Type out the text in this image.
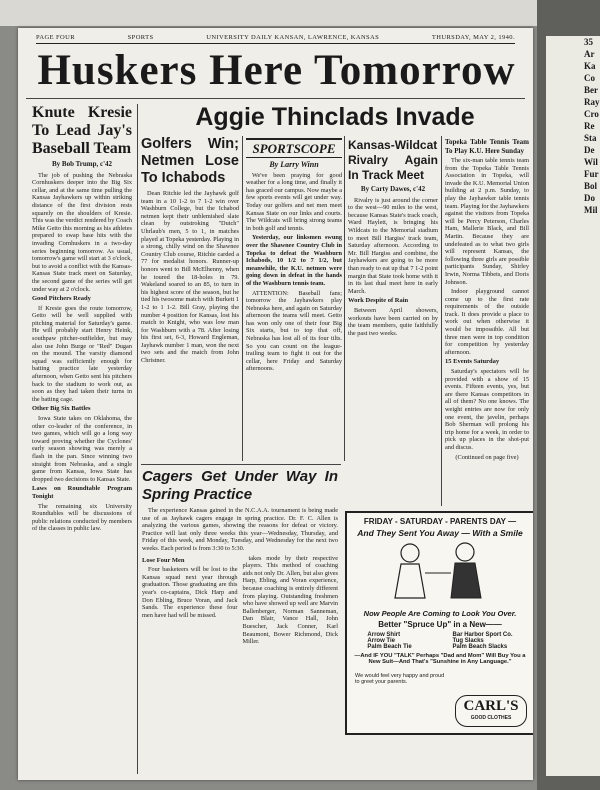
35
Ar
Ka
Co
Ber
Ray
Cro
Re
Sta
De
Wil
Fur
Bol
Do
Mil
PAGE FOUR	SPORTS	UNIVERSITY DAILY KANSAN, LAWRENCE, KANSAS	THURSDAY, MAY 2, 1940.
Huskers Here Tomorrow
Knute Kresie To Lead Jay's Baseball Team
By Bob Trump, c'42

The job of pushing the Nebraska Cornhuskers deeper into the Big Six cellar, and at the same time pulling the Kansas Jayhawkers up within striking distance of the first division rests squarely on the shoulders of Kresie. This was the verdict rendered by Coach Mike Getto this morning as his athletes prepared to swap base hits with the invading Cornhuskers in a two-day series beginning tomorrow. As usual, tomorrow's game will start at 3 o'clock, but to avoid a conflict with the Kansas-Kansas State track meet on Saturday, the second game of the series will get under way at 2 o'clock.

Good Pitchers Ready

If Kresie goes the route tomorrow, Getto will be well supplied with pitching material for Saturday's game. He will probably start Henry Heink, southpaw pitcher-outfielder, but may also use John Burge or "Red" Dugan on the mound. The varsity diamond squad was sufficiently enough for batting practice late yesterday afternoon, when Getto sent his pitchers back to the stadium to work out, as soon as they had taken their turns in the batting cage.

Other Big Six Battles

Iowa State takes on Oklahoma, the other co-leader of the conference, in two games, which will go a long way toward proving whether the Cyclones' early season showing was merely a flash in the pan. Since winning two straight from Nebraska, and a single game from Kansas, Iowa State has dropped two decisions to Kansas State.

Laws on Roundtable Program Tonight

The remaining six University Roundtables will be discussions of public relations conducted by members of the classes in public law.

Aggie Thinclads Invade
Golfers Win; Netmen Lose To Ichabods

Dean Ritchie led the Jayhawk golf team in a 10 1-2 to 7 1-2 win over Washburn College, but the Ichabod netmen kept their unblemished slate clean by outstroking "Dutch" Uhrlaub's men, 5 to 1, in matches played at Topeka yesterday. Playing in a strong, chilly wind on the Shawnee Country Club course, Ritchie carded a 77 for medalist honors. Runner-up honors went to Bill McElhenny, when he toured the 18-holes in 79. Wakeland soared to an 85, to turn in his highest score of the season, but he tied his twosome match with Burkett 1 1-2 to 1 1-2. Bill Gray, playing the number 4 position for Kansas, lost his match to Knight, who was low man for Washburn with a 78. After losing his first set, 6-3, Howard Engleman, Jayhawk number 1 man, won the next two sets and the match from John Christner.

SPORTSCOPE
By Larry Winn

We've been praying for good weather for a long time, and finally it has graced our campus. Now maybe a few sports events will get under way. Today our golfers and net men meet Kansas State on our links and courts. The Wildcats will bring strong teams in both golf and tennis.

Yesterday, our linksmen swung over the Shawnee Country Club in Topeka to defeat the Washburn Ichabods, 10 1/2 to 7 1/2, but meanwhile, the K.U. netmen were going down in defeat in the hands of the Washburn tennis team.

ATTENTION: Baseball fans; tomorrow the Jayhawkers play Nebraska here, and again on Saturday afternoon the teams will meet. Getto has won only one of their four Big Six starts, but to top that off, Nebraska has lost all of its four tilts. So you can count on the league-trailing team to fight it out for the cellar, here Friday and Saturday afternoons.

Kansas-Wildcat Rivalry Again In Track Meet
By Carty Dawes, c'42

Rivalry is just around the corner to the west—90 miles to the west, because Kansas State's track coach, Ward Haylett, is bringing his Wildcats to the Memorial stadium to meet Bill Hargiss' track team, Saturday afternoon. According to Mr. Bill Hargiss and combine, the Jayhawkers are going to be more than ready to eat up that 7 1-2 point margin that State took home with it in its last dual meet here in early March.

Work Despite of Rain

Between April showers, workouts have been carried on by the team members, quite faithfully the past two weeks.

Topeka Table Tennis Team To Play K.U. Here Sunday

The six-man table tennis team from the Topeka Table Tennis Association in Topeka, will invade the K.U. Memorial Union building at 2 p.m. Sunday, to play the Jayhawker table tennis team. Playing for the Jayhawkers against the visitors from Topeka will be Percy Peterson, Charles Ham, Mallerie Black, and Bill Martin. Because they are undefeated as to what two girls will represent Kansas, the following three girls are possible participants Sunday, Shirley Irwin, Norma Tibbets, and Doris Johnson.

Indoor playground cannot come up to the first rate requirements of the outside track. It does provide a place to work out when otherwise it would be impossible. All but three men were in top condition for competition by yesterday afternoon.

15 Events Saturday

Saturday's spectators will be provided with a show of 15 events. Fifteen events, yes, but are there Kansas competitors in all of them? No one knows. The weight entries are now for only one event, the javelin, perhaps Bob Sherman will prolong his trip home for a week, in order to pick up places in the shot-put and discus.

(Continued on page five)
Cagers Get Under Way In Spring Practice

The experience Kansas gained in the N.C.A.A. tournament is being made use of as Jayhawk cagers engage in spring practice. Dr. F. C. Allen is analyzing the various games, showing the reasons for defeat or victory. Practice will last only three weeks this year—Wednesday, Thursday, and Friday of this week, and Monday, Tuesday, and Wednesday for the next two weeks. Each period is from 3:30 to 5:30.

Lose Four Men

Four basketeers will be lost to the Kansas squad next year through graduation. Those graduating are this year's co-captains, Dick Harp and Don Ebling, Bruce Voran, and Jack Sands. The experience these four men have had will be missed.

takes mode by their respective players. This method of coaching aids not only Dr. Allen, but also gives Harp, Ebling, and Voran experience, because coaching is entirely different from playing. Outstanding freshmen who have showed up well are Marvin Ballenberger, Norman Sanneman, Dan Blair, Vance Hall, John Buescher, Jack Conner, Karl Beaumont, Bower Richmond, Dick Miller.

FRIDAY - SATURDAY - PARENTS DAY —
And They Sent You Away — With a Smile
Now People Are Coming to Look You Over.
Better "Spruce Up" in a New——
Arrow Shirt
Arrow Tie
Palm Beach Tie
Bar Harbor Sport Co.
Tug Slacks
Palm Beach Slacks
—And IF YOU "TALK" Perhaps "Dad and Mom" Will Buy You a New Suit—And That's "Sunshine in Any Language."
We would feel very happy and proud to greet your parents.
CARL'S
GOOD CLOTHES
